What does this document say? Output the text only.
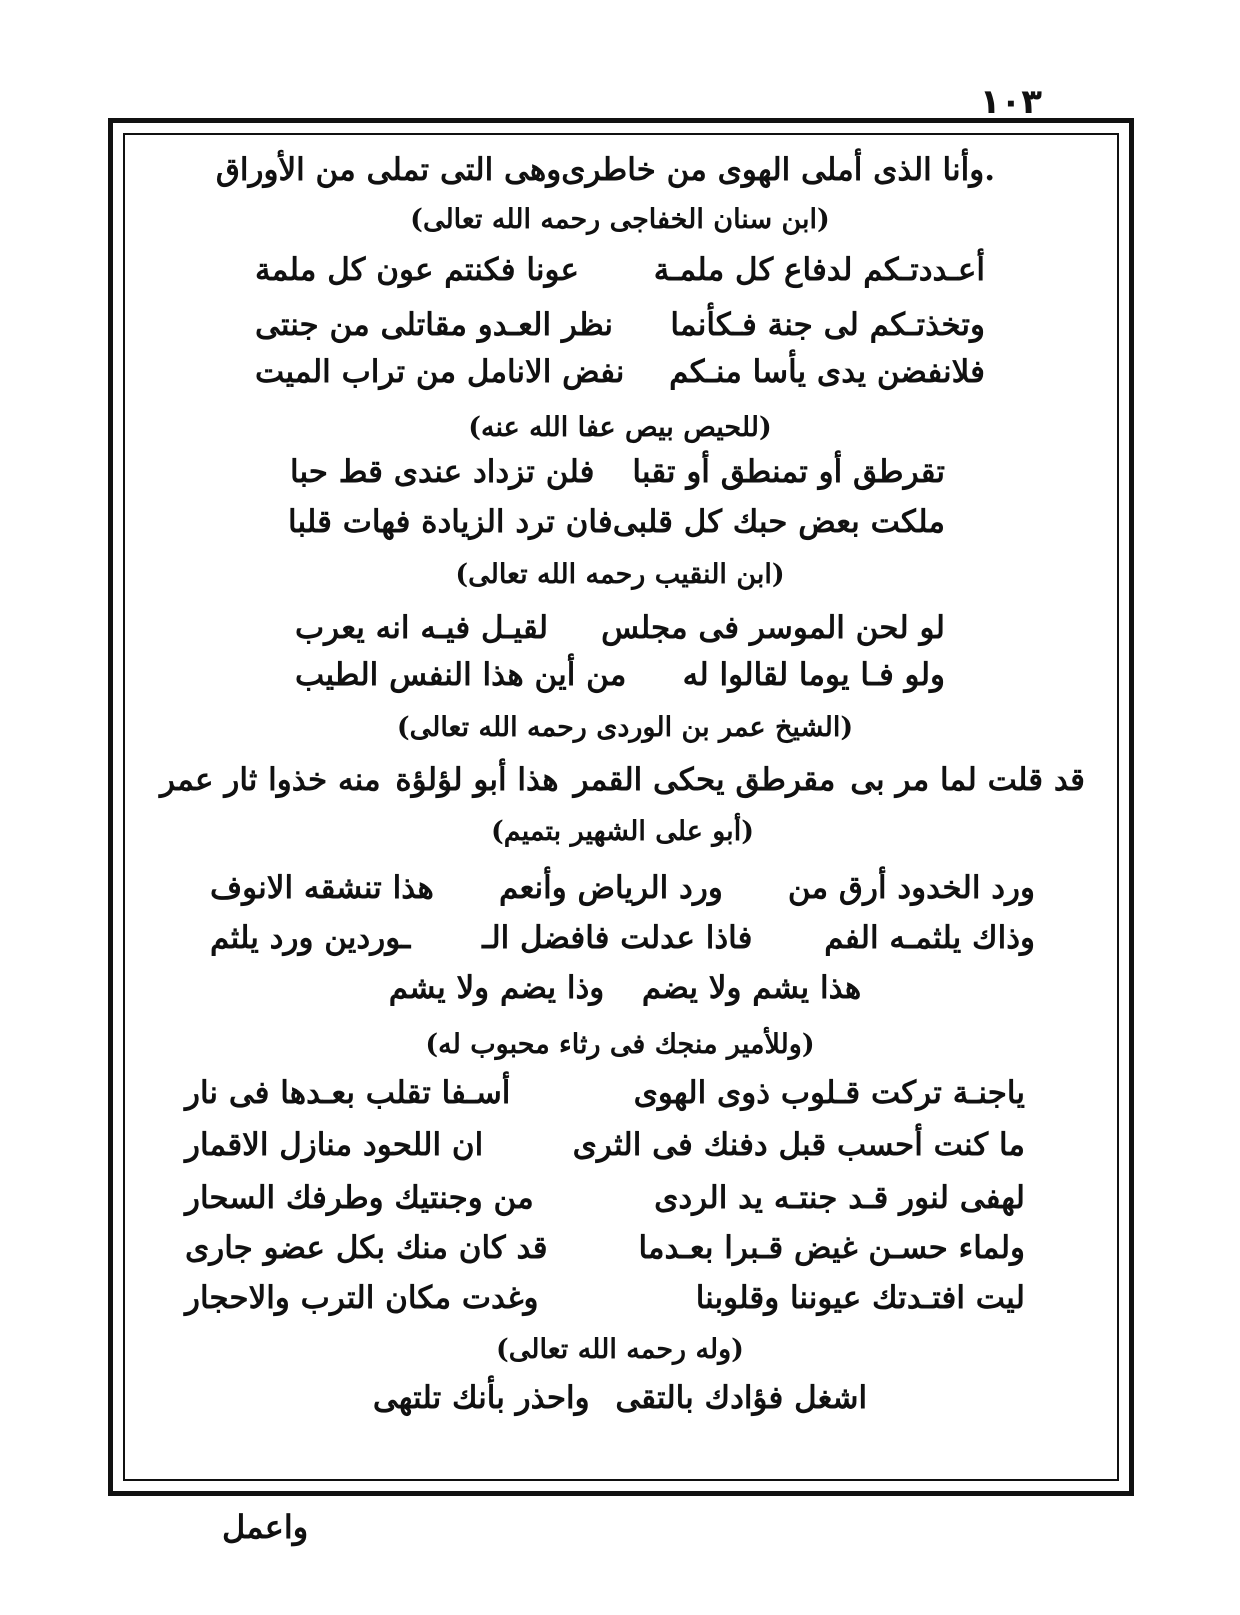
١٠٣
.وأنا الذى أملى الهوى من خاطرى
وهى التى تملى من الأوراق
(ابن سنان الخفاجى رحمه الله تعالى)
أعـددتـكم لدفاع كل ملمـة
عونا فكنتم عون كل ملمة
وتخذتـكم لى جنة فـكأنما
نظر العـدو مقاتلى من جنتى
فلانفضن يدى يأسا منـكم
نفض الانامل من تراب الميت
(للحيص بيص عفا الله عنه)
تقرطق أو تمنطق أو تقبا
فلن تزداد عندى قط حبا
ملكت بعض حبك كل قلبى
فان ترد الزيادة فهات قلبا
(ابن النقيب رحمه الله تعالى)
لو لحن الموسر فى مجلس
لقيـل فيـه انه يعرب
ولو فـا يوما لقالوا له
من أين هذا النفس الطيب
(الشيخ عمر بن الوردى رحمه الله تعالى)
قد قلت لما مر بى
مقرطق يحكى القمر
هذا أبو لؤلؤة
منه خذوا ثار عمر
(أبو على الشهير بتميم)
ورد الخدود أرق من
ورد الرياض وأنعم
هذا تنشقه الانوف
وذاك يلثمـه الفم
فاذا عدلت فافضل الـ
ـوردين ورد يلثم
هذا يشم ولا يضم
وذا يضم ولا يشم
(وللأمير منجك فى رثاء محبوب له)
ياجنـة تركت قـلوب ذوى الهوى
أسـفا تقلب بعـدها فى نار
ما كنت أحسب قبل دفنك فى الثرى
ان اللحود منازل الاقمار
لهفى لنور قـد جنتـه يد الردى
من وجنتيك وطرفك السحار
ولماء حسـن غيض قـبرا بعـدما
قد كان منك بكل عضو جارى
ليت افتـدتك عيوننا وقلوبنا
وغدت مكان الترب والاحجار
(وله رحمه الله تعالى)
اشغل فؤادك بالتقى
واحذر بأنك تلتهى
واعمل
